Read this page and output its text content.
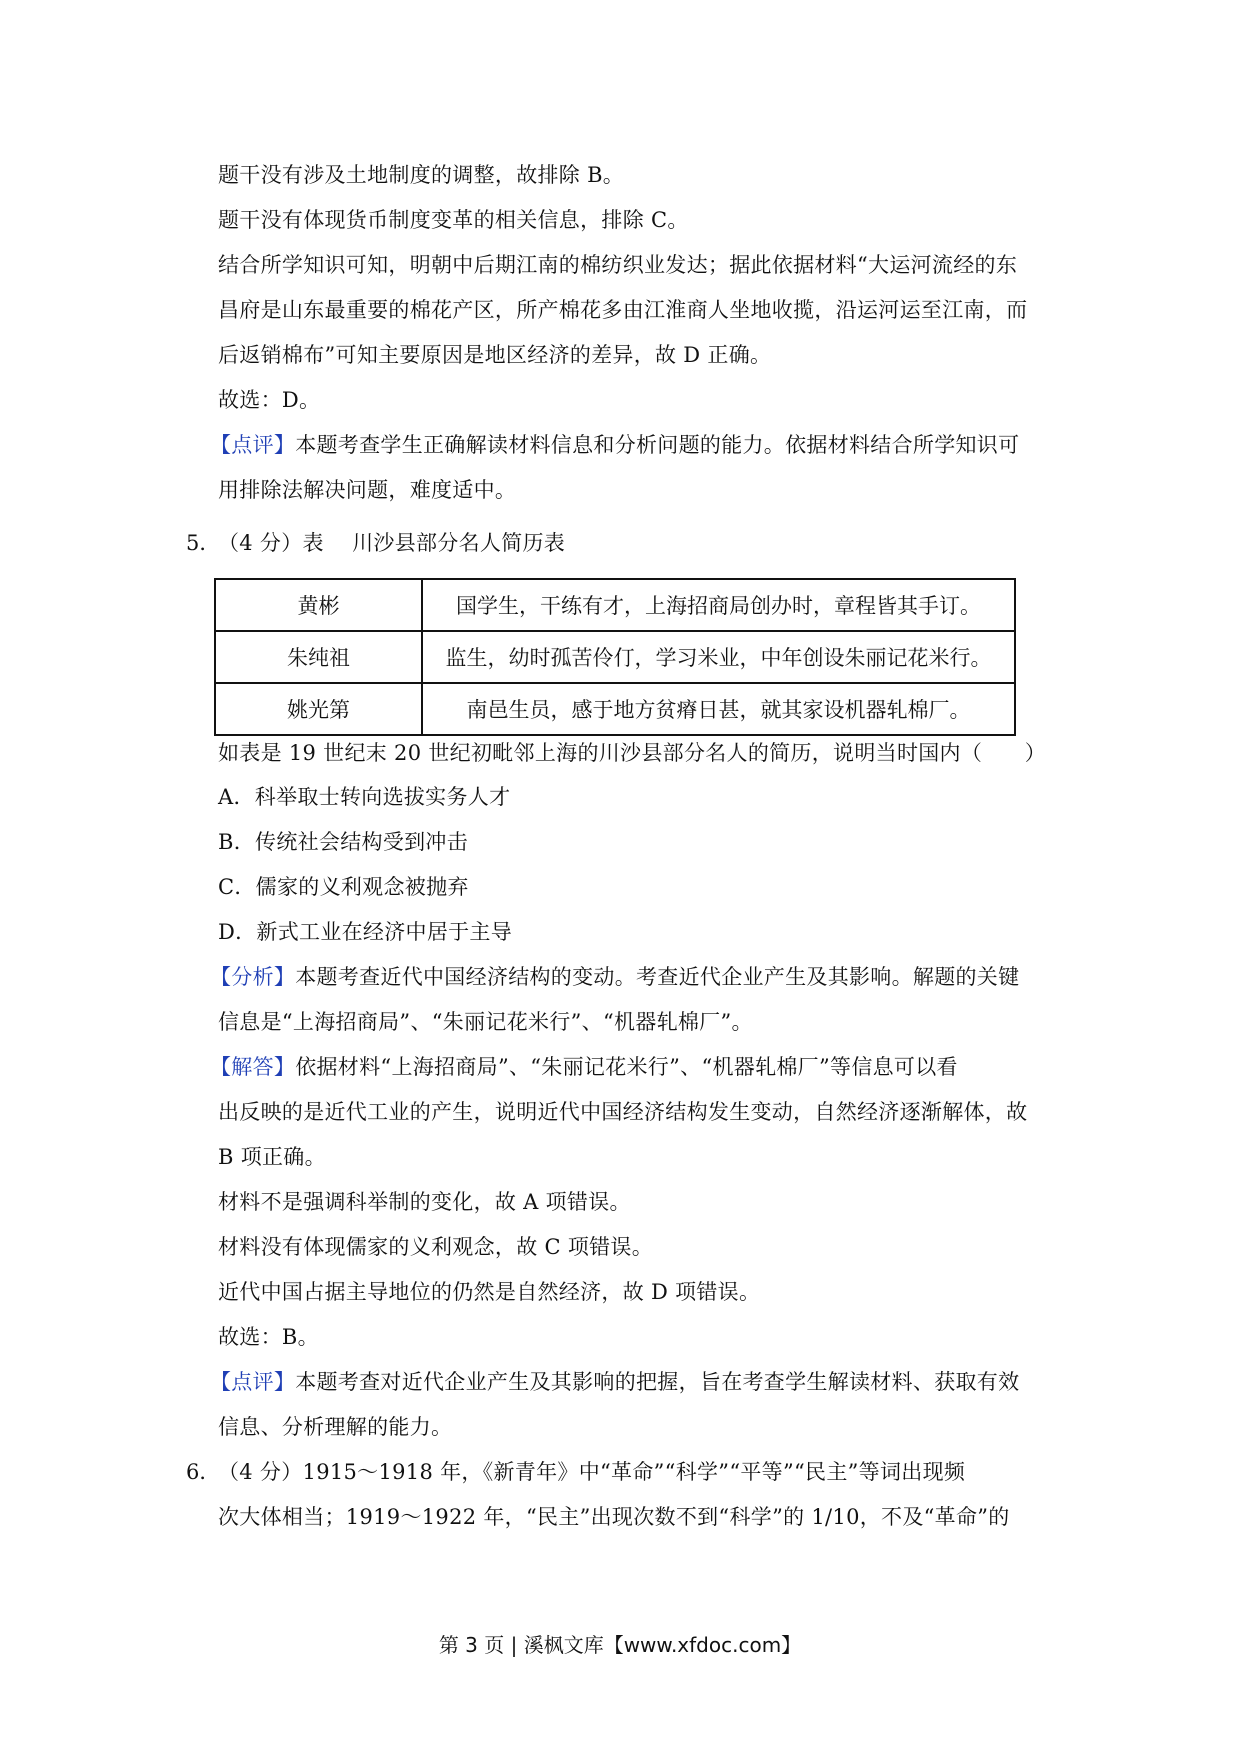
题干没有涉及土地制度的调整，故排除 B。
题干没有体现货币制度变革的相关信息，排除 C。
结合所学知识可知，明朝中后期江南的棉纺织业发达；据此依据材料“大运河流经的东
昌府是山东最重要的棉花产区，所产棉花多由江淮商人坐地收揽，沿运河运至江南，而
后返销棉布”可知主要原因是地区经济的差异，故 D 正确。
故选：D。
【点评】本题考查学生正确解读材料信息和分析问题的能力。依据材料结合所学知识可
用排除法解决问题，难度适中。
5．
（4 分）表　 川沙县部分名人简历表
黄彬	国学生，干练有才，上海招商局创办时，章程皆其手订。
朱纯祖	监生，幼时孤苦伶仃，学习米业，中年创设朱丽记花米行。
姚光第	南邑生员，感于地方贫瘠日甚，就其家设机器轧棉厂。
如表是 19 世纪末 20 世纪初毗邻上海的川沙县部分名人的简历，说明当时国内（　　）
A．科举取士转向选拔实务人才
B．传统社会结构受到冲击
C．儒家的义利观念被抛弃
D．新式工业在经济中居于主导
【分析】本题考查近代中国经济结构的变动。考查近代企业产生及其影响。解题的关键
信息是“上海招商局”、“朱丽记花米行”、“机器轧棉厂”。
【解答】依据材料“上海招商局”、“朱丽记花米行”、“机器轧棉厂”等信息可以看
出反映的是近代工业的产生，说明近代中国经济结构发生变动，自然经济逐渐解体，故
B 项正确。
材料不是强调科举制的变化，故 A 项错误。
材料没有体现儒家的义利观念，故 C 项错误。
近代中国占据主导地位的仍然是自然经济，故 D 项错误。
故选：B。
【点评】本题考查对近代企业产生及其影响的把握，旨在考查学生解读材料、获取有效
信息、分析理解的能力。
6．
（4 分）1915～1918 年，《新青年》中“革命”“科学”“平等”“民主”等词出现频
次大体相当；1919～1922 年，“民主”出现次数不到“科学”的 1/10，不及“革命”的
第 3 页 | 溪枫文库【www.xfdoc.com】
